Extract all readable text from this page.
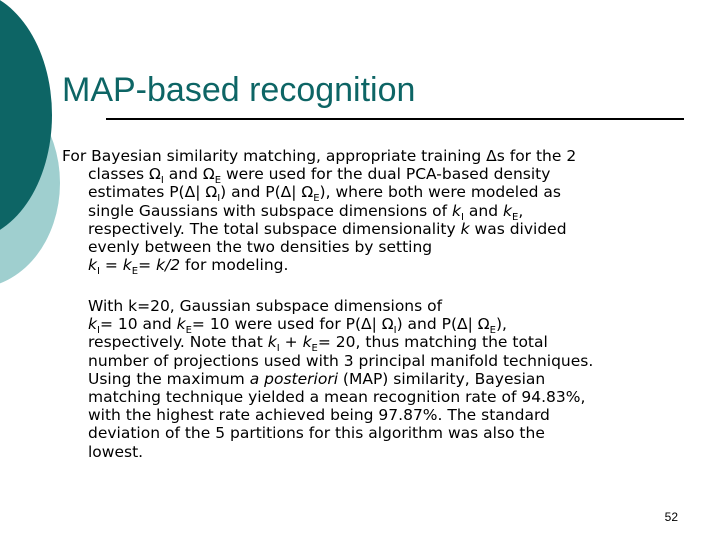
MAP-based recognition
For Bayesian similarity matching, appropriate training Δs for the 2
classes $\Omega_I$ and $\Omega_E$ were used for the dual PCA-based density
estimates P(Δ| $\Omega_I$) and P(Δ| $\Omega_E$), where both were modeled as
single Gaussians with subspace dimensions of $k_I$ and $k_E$,
respectively. The total subspace dimensionality k was divided
evenly between the two densities by setting
$k_I = k_E= k/2$ for modeling.
With k=20, Gaussian subspace dimensions of
$k_I= 10$ and $k_E= 10$ were used for P(Δ| $\Omega_I$) and P(Δ| $\Omega_E$),
respectively. Note that $k_I + k_E= 20$, thus matching the total
number of projections used with 3 principal manifold techniques.
Using the maximum a posteriori (MAP) similarity, Bayesian
matching technique yielded a mean recognition rate of 94.83%,
with the highest rate achieved being 97.87%. The standard
deviation of the 5 partitions for this algorithm was also the
lowest.
52
